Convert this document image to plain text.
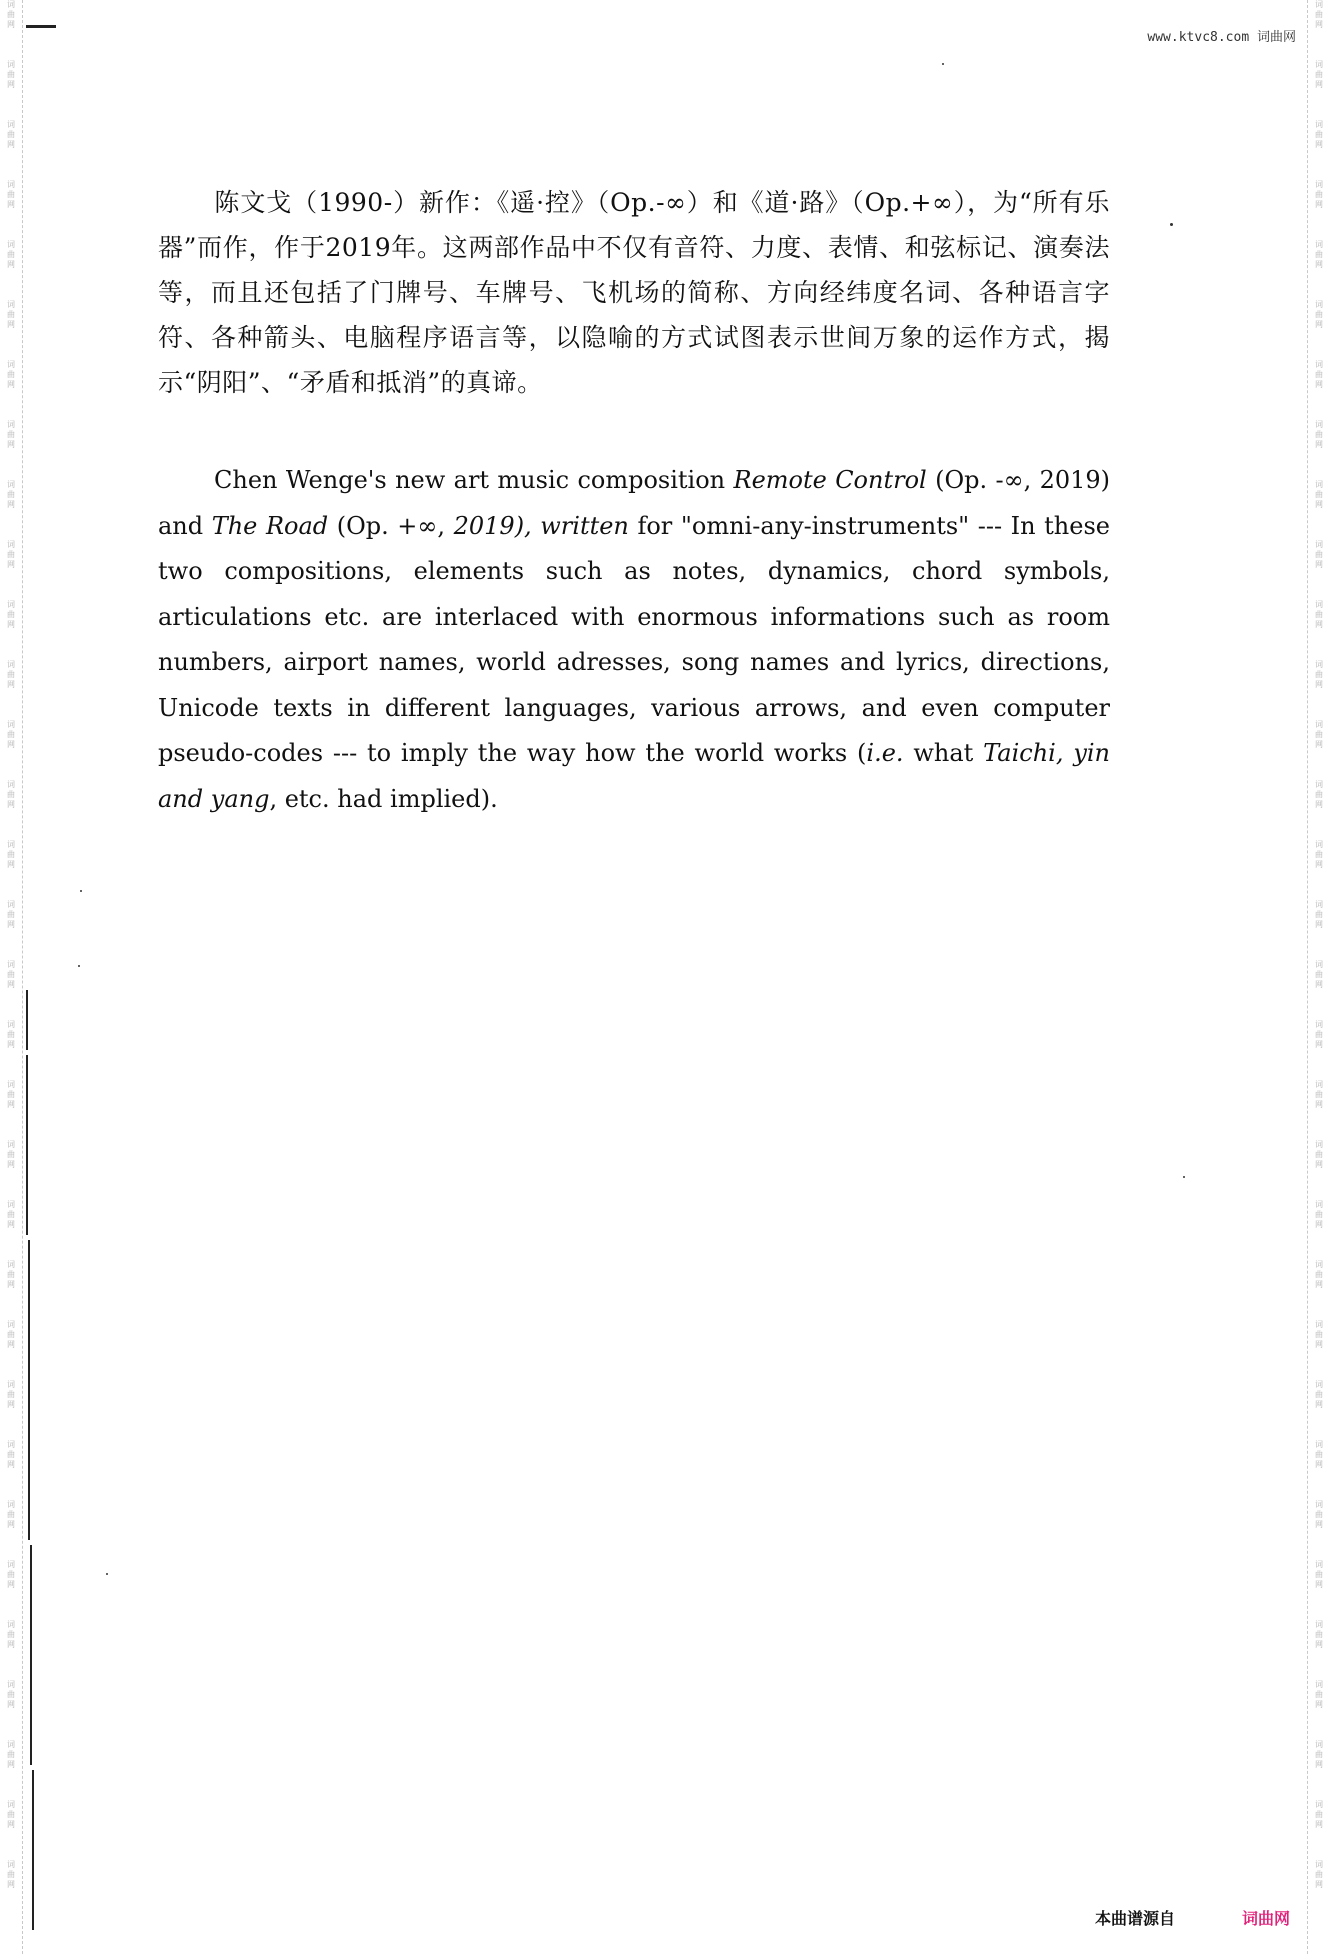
词曲网
词曲网
词曲网
词曲网
词曲网
词曲网
词曲网
词曲网
词曲网
词曲网
词曲网
词曲网
词曲网
词曲网
词曲网
词曲网
词曲网
词曲网
词曲网
词曲网
词曲网
词曲网
词曲网
词曲网
词曲网
词曲网
词曲网
词曲网
词曲网
词曲网
词曲网
词曲网
词曲网
词曲网
词曲网
词曲网
词曲网
词曲网
词曲网
词曲网
词曲网
词曲网
词曲网
词曲网
词曲网
词曲网
词曲网
词曲网
词曲网
词曲网
词曲网
词曲网
词曲网
词曲网
词曲网
词曲网
词曲网
词曲网
词曲网
词曲网
词曲网
词曲网
词曲网
词曲网
www.ktvc8.com 词曲网
陈文戈（1990-）新作：《遥·控》（Op.-∞）和《道·路》（Op.+∞），为“所有乐器”而作，作于2019年。这两部作品中不仅有音符、力度、表情、和弦标记、演奏法等，而且还包括了门牌号、车牌号、飞机场的简称、方向经纬度名词、各种语言字符、各种箭头、电脑程序语言等，以隐喻的方式试图表示世间万象的运作方式，揭示“阴阳”、“矛盾和抵消”的真谛。
Chen Wenge's new art music composition Remote Control (Op. -∞, 2019) and The Road (Op. +∞, 2019), written for "omni-any-instruments" --- In these two compositions, elements such as notes, dynamics, chord symbols, articulations etc. are interlaced with enormous informations such as room numbers, airport names, world adresses, song names and lyrics, directions, Unicode texts in different languages, various arrows, and even computer pseudo-codes --- to imply the way how the world works (i.e. what Taichi, yin and yang, etc. had implied).
本曲谱源自	词曲网
